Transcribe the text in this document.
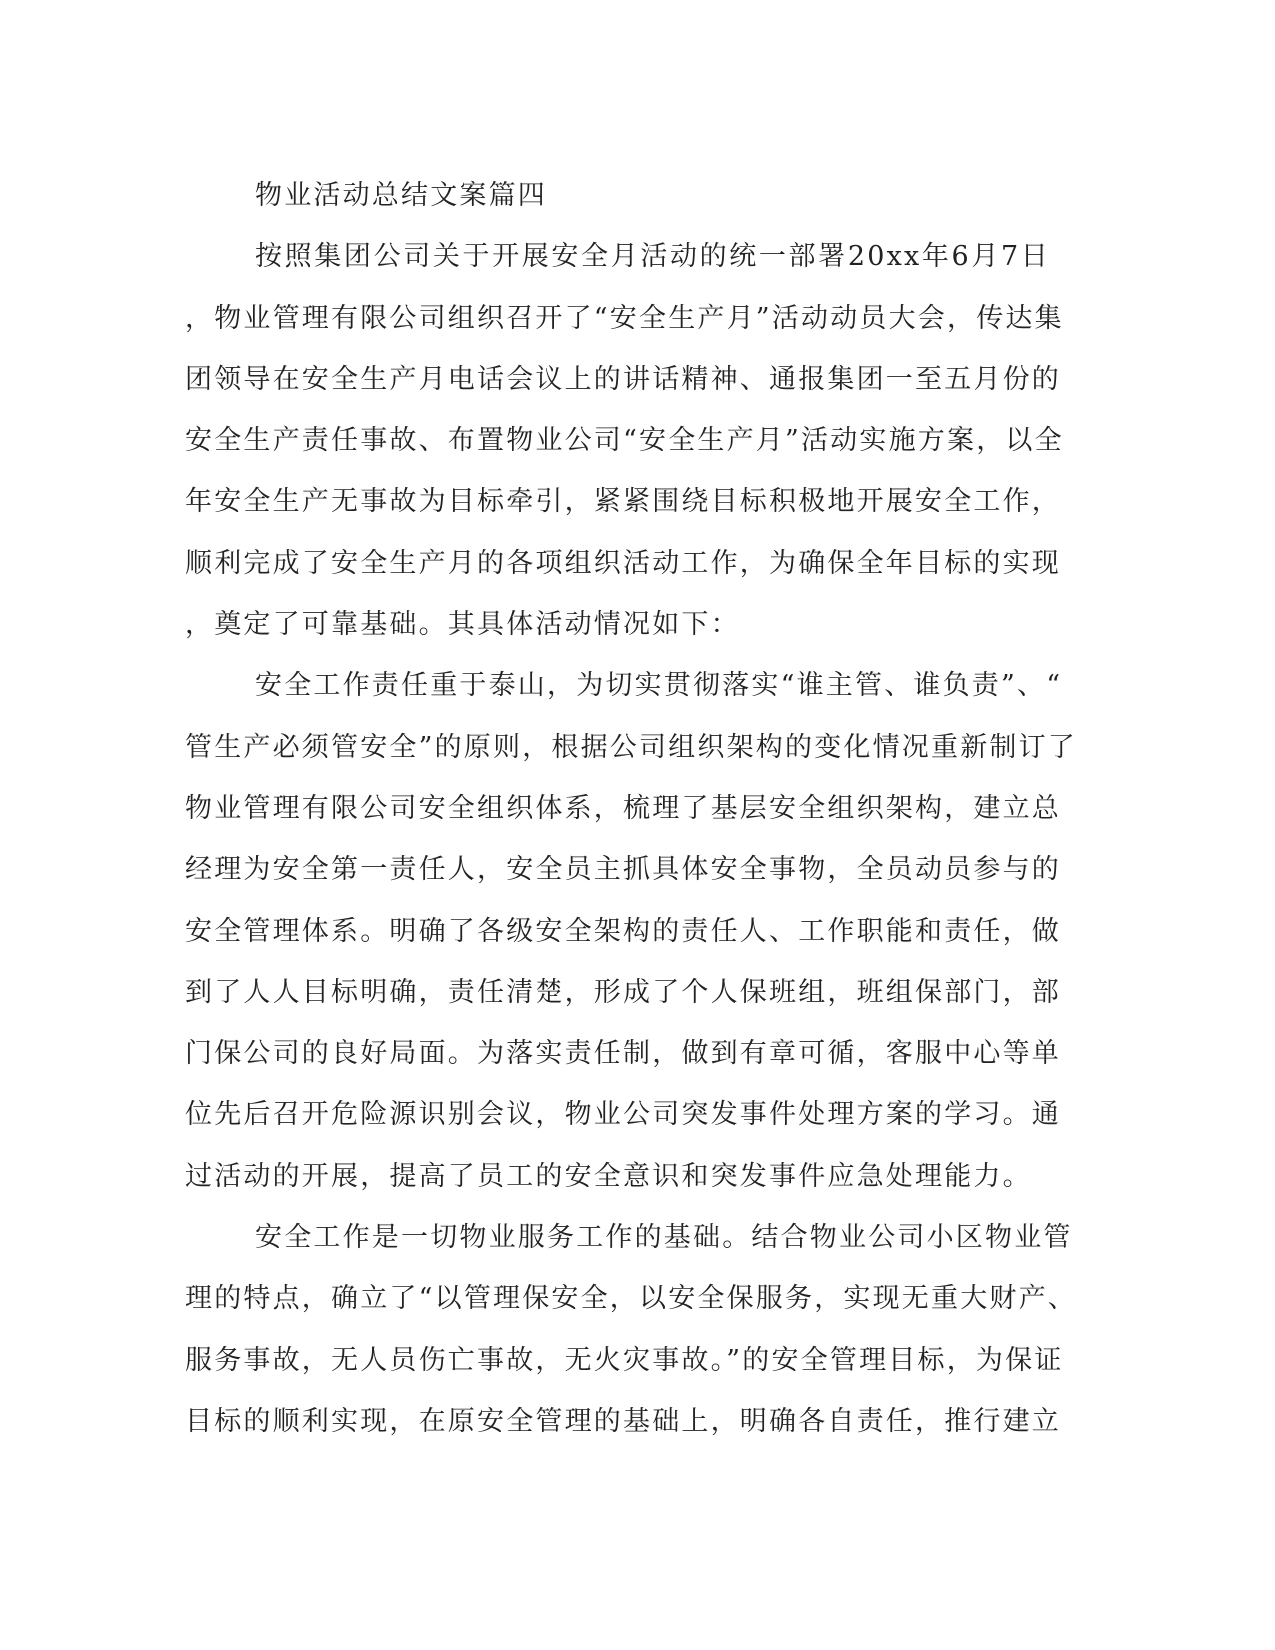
物业活动总结文案篇四
按照集团公司关于开展安全月活动的统一部署20xx年6月7日
，物业管理有限公司组织召开了“安全生产月”活动动员大会，传达集
团领导在安全生产月电话会议上的讲话精神、通报集团一至五月份的
安全生产责任事故、布置物业公司“安全生产月”活动实施方案，以全
年安全生产无事故为目标牵引，紧紧围绕目标积极地开展安全工作，
顺利完成了安全生产月的各项组织活动工作，为确保全年目标的实现
，奠定了可靠基础。其具体活动情况如下：
安全工作责任重于泰山，为切实贯彻落实“谁主管、谁负责”、“
管生产必须管安全”的原则，根据公司组织架构的变化情况重新制订了
物业管理有限公司安全组织体系，梳理了基层安全组织架构，建立总
经理为安全第一责任人，安全员主抓具体安全事物，全员动员参与的
安全管理体系。明确了各级安全架构的责任人、工作职能和责任，做
到了人人目标明确，责任清楚，形成了个人保班组，班组保部门，部
门保公司的良好局面。为落实责任制，做到有章可循，客服中心等单
位先后召开危险源识别会议，物业公司突发事件处理方案的学习。通
过活动的开展，提高了员工的安全意识和突发事件应急处理能力。
安全工作是一切物业服务工作的基础。结合物业公司小区物业管
理的特点，确立了“以管理保安全，以安全保服务，实现无重大财产、
服务事故，无人员伤亡事故，无火灾事故。”的安全管理目标，为保证
目标的顺利实现，在原安全管理的基础上，明确各自责任，推行建立
